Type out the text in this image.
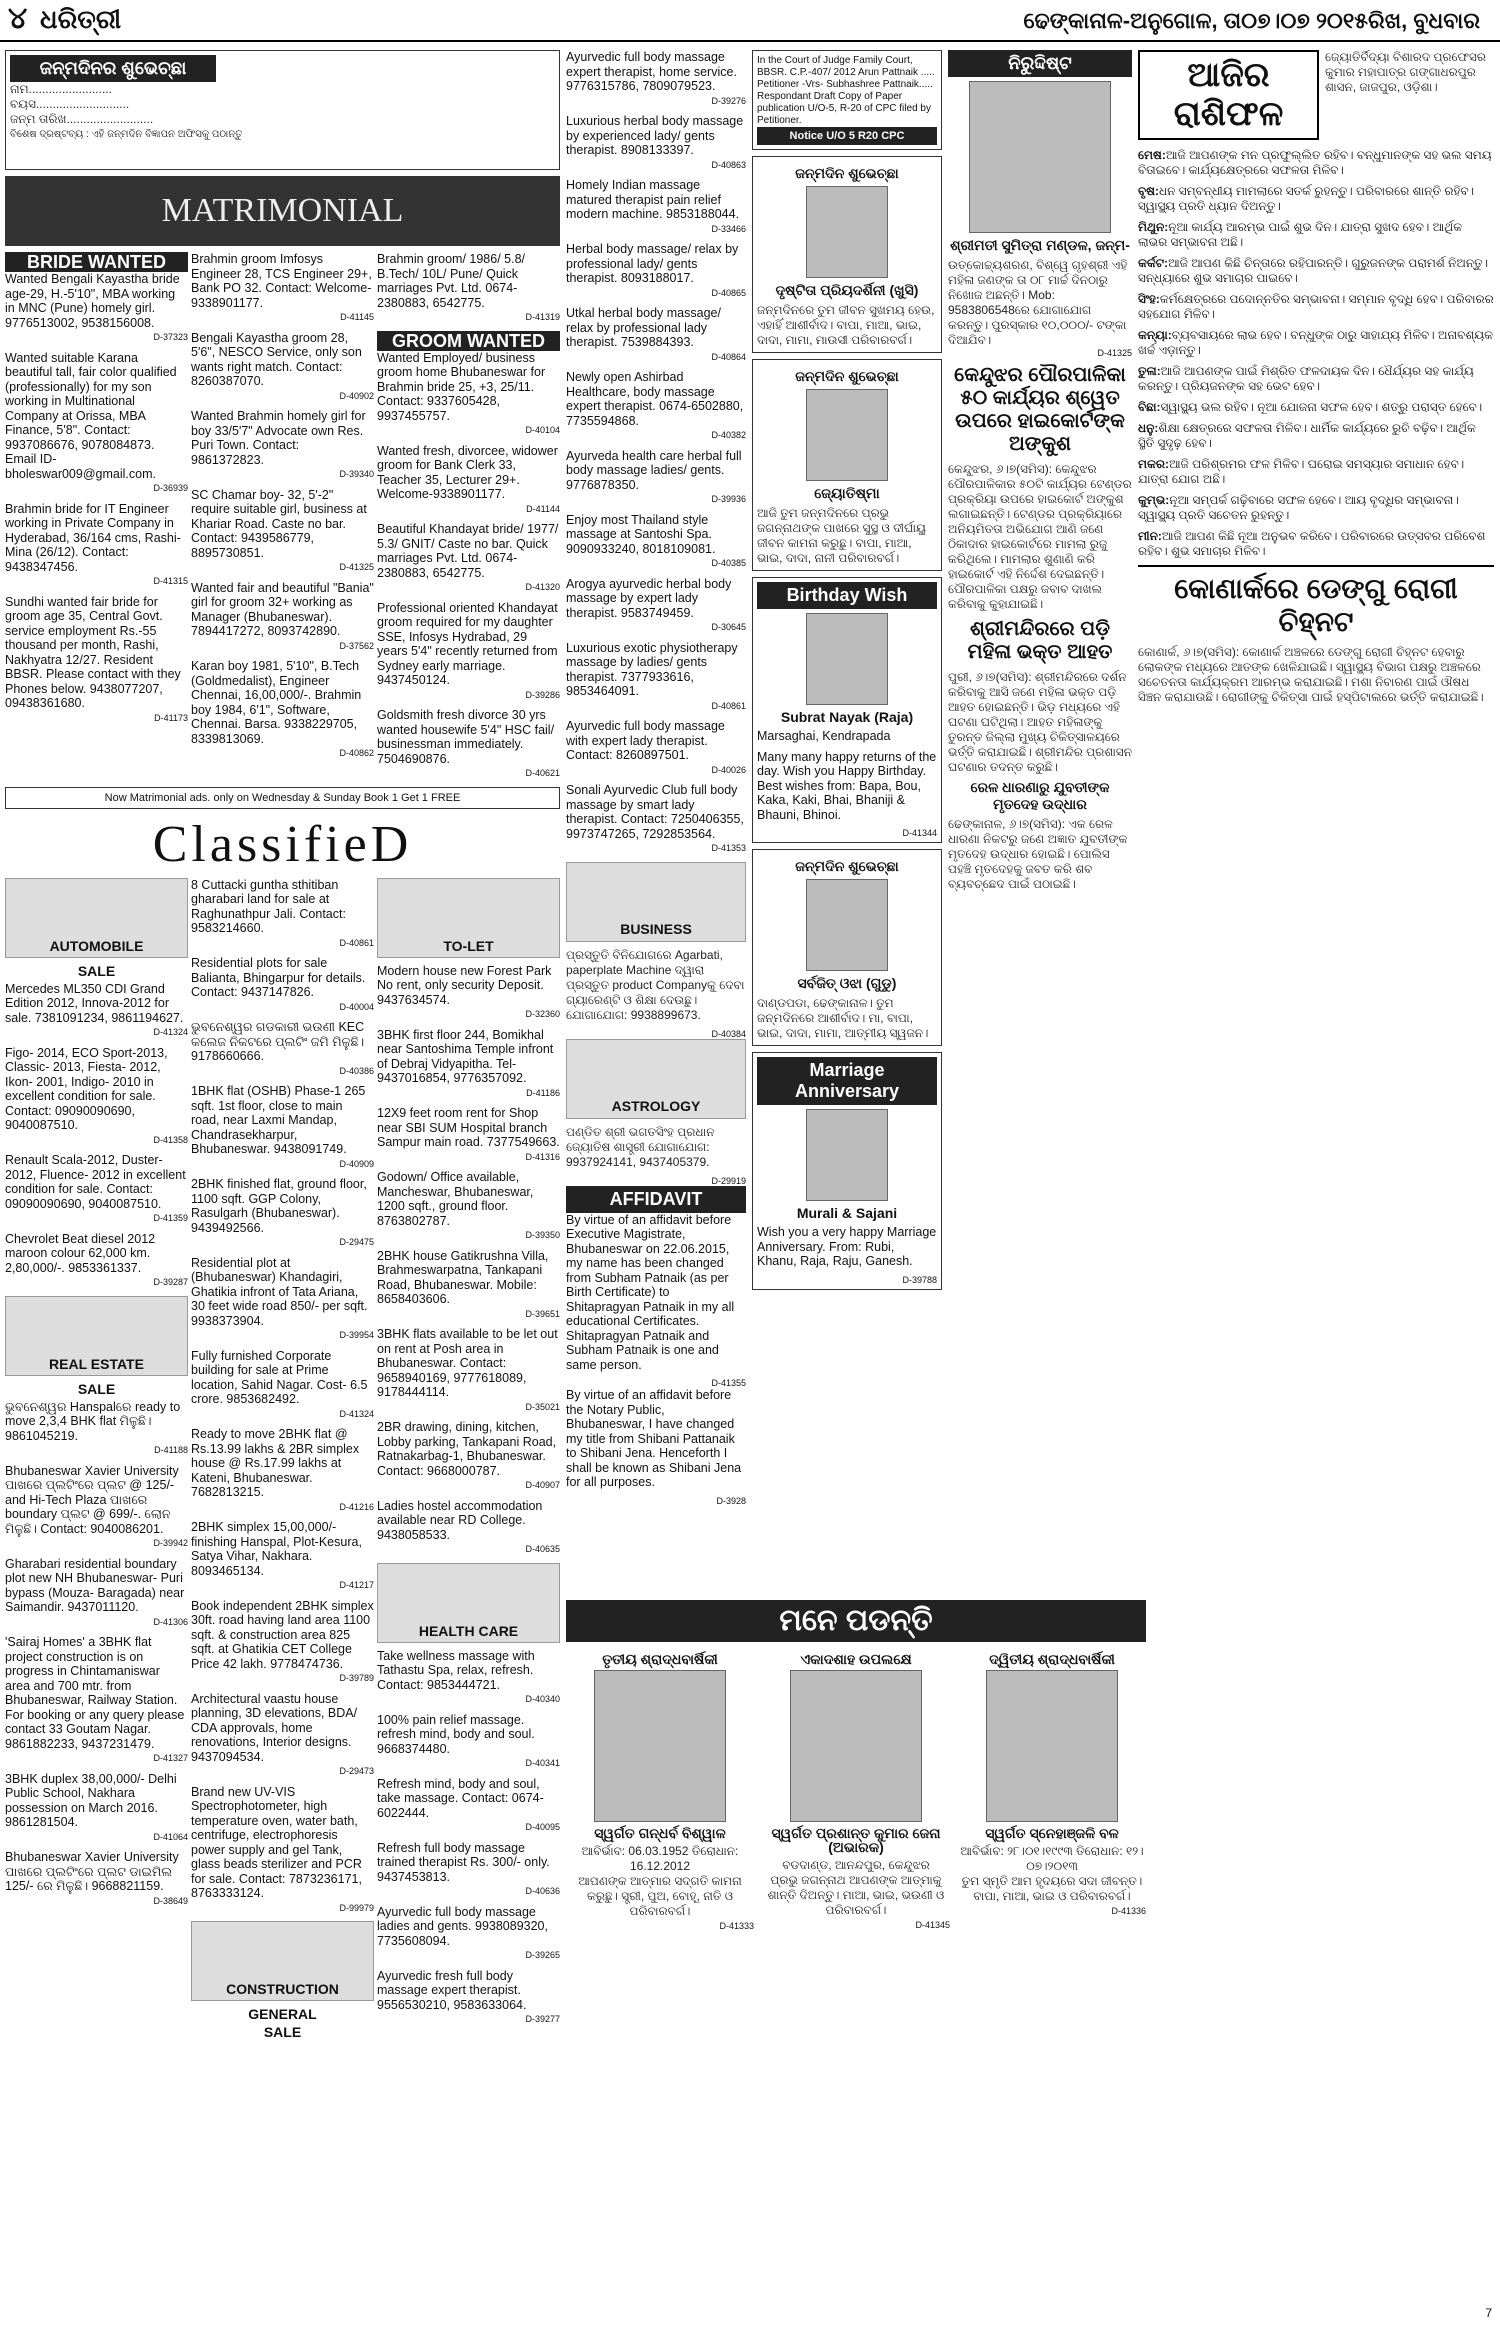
୪ ଧରିତ୍ରୀ	ଢେଙ୍କାନାଳ-ଅନୁଗୋଳ, ତା୦୭।୦୭ ୨୦୧୫ରିଖ, ବୁଧବାର
ଜନ୍ମଦିନର ଶୁଭେଚ୍ଛା
ନାମ.........................
ବୟସ............................
ଜନ୍ମ ତାରିଖ..........................
ବିଶେଷ ଦ୍ରଷ୍ଟବ୍ୟ : ଏହି ଜନ୍ମଦିନ ବିଜ୍ଞାପନ ଅଫିସକୁ ପଠାନ୍ତୁ
MATRIMONIAL
BRIDE WANTED
Wanted Bengali Kayastha bride age-29, H.-5'10", MBA working in MNC (Pune) homely girl. 9776513002, 9538156008.
D-37323
Wanted suitable Karana beautiful tall, fair color qualified (professionally) for my son working in Multinational Company at Orissa, MBA Finance, 5'8". Contact: 9937086676, 9078084873. Email ID- bholeswar009@gmail.com.
D-36939
Brahmin bride for IT Engineer working in Private Company in Hyderabad, 36/164 cms, Rashi-Mina (26/12). Contact: 9438347456.
D-41315
Sundhi wanted fair bride for groom age 35, Central Govt. service employment Rs.-55 thousand per month, Rashi, Nakhyatra 12/27. Resident BBSR. Please contact with they Phones below. 9438077207, 09438361680.
D-41173
Brahmin groom Imfosys Engineer 28, TCS Engineer 29+, Bank PO 32. Contact: Welcome-9338901177.
D-41145
Bengali Kayastha groom 28, 5'6", NESCO Service, only son wants right match. Contact: 8260387070.
D-40902
Wanted Brahmin homely girl for boy 33/5'7" Advocate own Res. Puri Town. Contact: 9861372823.
D-39340
SC Chamar boy- 32, 5'-2" require suitable girl, business at Khariar Road. Caste no bar. Contact: 9439586779, 8895730851.
D-41325
Wanted fair and beautiful "Bania" girl for groom 32+ working as Manager (Bhubaneswar). 7894417272, 8093742890.
D-37562
Karan boy 1981, 5'10", B.Tech (Goldmedalist), Engineer Chennai, 16,00,000/-. Brahmin boy 1984, 6'1", Software, Chennai. Barsa. 9338229705, 8339813069.
D-40862
Brahmin groom/ 1986/ 5.8/ B.Tech/ 10L/ Pune/ Quick marriages Pvt. Ltd. 0674-2380883, 6542775.
D-41319
GROOM WANTED
Wanted Employed/ business groom home Bhubaneswar for Brahmin bride 25, +3, 25/11. Contact: 9337605428, 9937455757.
D-40104
Wanted fresh, divorcee, widower groom for Bank Clerk 33, Teacher 35, Lecturer 29+. Welcome-9338901177.
D-41144
Beautiful Khandayat bride/ 1977/ 5.3/ GNIT/ Caste no bar. Quick marriages Pvt. Ltd. 0674-2380883, 6542775.
D-41320
Professional oriented Khandayat groom required for my daughter SSE, Infosys Hydrabad, 29 years 5'4" recently returned from Sydney early marriage. 9437450124.
D-39286
Goldsmith fresh divorce 30 yrs wanted housewife 5'4" HSC fail/ businessman immediately. 7504690876.
D-40621
Now Matrimonial ads. only on Wednesday & Sunday Book 1 Get 1 FREE
ClassifieD
AUTOMOBILE
SALE
Mercedes ML350 CDI Grand Edition 2012, Innova-2012 for sale. 7381091234, 9861194627.
D-41324
Figo- 2014, ECO Sport-2013, Classic- 2013, Fiesta- 2012, Ikon- 2001, Indigo- 2010 in excellent condition for sale. Contact: 09090090690, 9040087510.
D-41358
Renault Scala-2012, Duster-2012, Fluence- 2012 in excellent condition for sale. Contact: 09090090690, 9040087510.
D-41359
Chevrolet Beat diesel 2012 maroon colour 62,000 km. 2,80,000/-. 9853361337.
D-39287
REAL ESTATE
SALE
ଭୁବନେଶ୍ୱର Hanspalରେ ready to move 2,3,4 BHK flat ମିଳୁଛି। 9861045219.
D-41188
Bhubaneswar Xavier University ପାଖରେ ପ୍ଲଟିଂରେ ପ୍ଲଟ @ 125/- and Hi-Tech Plaza ପାଖରେ boundary ପ୍ଲଟ @ 699/-. ଲୋନ ମିଳୁଛି। Contact: 9040086201.
D-39942
Gharabari residential boundary plot new NH Bhubaneswar- Puri bypass (Mouza- Baragada) near Saimandir. 9437011120.
D-41306
'Sairaj Homes' a 3BHK flat project construction is on progress in Chintamaniswar area and 700 mtr. from Bhubaneswar, Railway Station. For booking or any query please contact 33 Goutam Nagar. 9861882233, 9437231479.
D-41327
3BHK duplex 38,00,000/- Delhi Public School, Nakhara possession on March 2016. 9861281504.
D-41064
Bhubaneswar Xavier University ପାଖରେ ପ୍ଲଟିଂରେ ପ୍ଲଟ ଡାଇମିଲ 125/- ରେ ମିଳୁଛି। 9668821159.
D-38649
8 Cuttacki guntha sthitiban gharabari land for sale at Raghunathpur Jali. Contact: 9583214660.
D-40861
Residential plots for sale Balianta, Bhingarpur for details. Contact: 9437147826.
D-40004
ଭୁବନେଶ୍ୱର ଗଡକାରୀ ଭଉଣୀ KEC କଲେଜ ନିକଟରେ ପ୍ଲଟିଂ ଜମି ମିଳୁଛି। 9178660666.
D-40386
1BHK flat (OSHB) Phase-1 265 sqft. 1st floor, close to main road, near Laxmi Mandap, Chandrasekharpur, Bhubaneswar. 9438091749.
D-40909
2BHK finished flat, ground floor, 1100 sqft. GGP Colony, Rasulgarh (Bhubaneswar). 9439492566.
D-29475
Residential plot at (Bhubaneswar) Khandagiri, Ghatikia infront of Tata Ariana, 30 feet wide road 850/- per sqft. 9938373904.
D-39954
Fully furnished Corporate building for sale at Prime location, Sahid Nagar. Cost- 6.5 crore. 9853682492.
D-41324
Ready to move 2BHK flat @ Rs.13.99 lakhs & 2BR simplex house @ Rs.17.99 lakhs at Kateni, Bhubaneswar. 7682813215.
D-41216
2BHK simplex 15,00,000/- finishing Hanspal, Plot-Kesura, Satya Vihar, Nakhara. 8093465134.
D-41217
Book independent 2BHK simplex 30ft. road having land area 1100 sqft. & construction area 825 sqft. at Ghatikia CET College Price 42 lakh. 9778474736.
D-39789
Architectural vaastu house planning, 3D elevations, BDA/ CDA approvals, home renovations, Interior designs. 9437094534.
D-29473
Brand new UV-VIS Spectrophotometer, high temperature oven, water bath, centrifuge, electrophoresis power supply and gel Tank, glass beads sterilizer and PCR for sale. Contact: 7873236171, 8763333124.
D-99979
CONSTRUCTION
GENERAL
SALE
TO-LET
Modern house new Forest Park No rent, only security Deposit. 9437634574.
D-32360
3BHK first floor 244, Bomikhal near Santoshima Temple infront of Debraj Vidyapitha. Tel- 9437016854, 9776357092.
D-41186
12X9 feet room rent for Shop near SBI SUM Hospital branch Sampur main road. 7377549663.
D-41316
Godown/ Office available, Mancheswar, Bhubaneswar, 1200 sqft., ground floor. 8763802787.
D-39350
2BHK house Gatikrushna Villa, Brahmeswarpatna, Tankapani Road, Bhubaneswar. Mobile: 8658403606.
D-39651
3BHK flats available to be let out on rent at Posh area in Bhubaneswar. Contact: 9658940169, 9777618089, 9178444114.
D-35021
2BR drawing, dining, kitchen, Lobby parking, Tankapani Road, Ratnakarbag-1, Bhubaneswar. Contact: 9668000787.
D-40907
Ladies hostel accommodation available near RD College. 9438058533.
D-40635
HEALTH CARE
Take wellness massage with Tathastu Spa, relax, refresh. Contact: 9853444721.
D-40340
100% pain relief massage. refresh mind, body and soul. 9668374480.
D-40341
Refresh mind, body and soul, take massage. Contact: 0674-6022444.
D-40095
Refresh full body massage trained therapist Rs. 300/- only. 9437453813.
D-40636
Ayurvedic full body massage ladies and gents. 9938089320, 7735608094.
D-39265
Ayurvedic fresh full body massage expert therapist. 9556530210, 9583633064.
D-39277
Ayurvedic full body massage expert therapist, home service. 9776315786, 7809079523.
D-39276
Luxurious herbal body massage by experienced lady/ gents therapist. 8908133397.
D-40863
Homely Indian massage matured therapist pain relief modern machine. 9853188044.
D-33466
Herbal body massage/ relax by professional lady/ gents therapist. 8093188017.
D-40865
Utkal herbal body massage/ relax by professional lady therapist. 7539884393.
D-40864
Newly open Ashirbad Healthcare, body massage expert therapist. 0674-6502880, 7735594868.
D-40382
Ayurveda health care herbal full body massage ladies/ gents. 9776878350.
D-39936
Enjoy most Thailand style massage at Santoshi Spa. 9090933240, 8018109081.
D-40385
Arogya ayurvedic herbal body massage by expert lady therapist. 9583749459.
D-30645
Luxurious exotic physiotherapy massage by ladies/ gents therapist. 7377933616, 9853464091.
D-40861
Ayurvedic full body massage with expert lady therapist. Contact: 8260897501.
D-40026
Sonali Ayurvedic Club full body massage by smart lady therapist. Contact: 7250406355, 9973747265, 7292853564.
D-41353
BUSINESS
ପ୍ରସ୍ତୁତି ବିନିଯୋଗରେ Agarbati, paperplate Machine ଦ୍ୱାରା ପ୍ରସ୍ତୁତ product Companyକୁ ଦେବା ଗ୍ୟାରେଣ୍ଟି ଓ ଶିକ୍ଷା ଦେଉଛୁ। ଯୋଗାଯୋଗ: 9938899673.
D-40384
ASTROLOGY
ପଣ୍ଡିତ ଶ୍ରୀ ଭଗତସିଂହ ପ୍ରଧାନ ଜ୍ୟୋତିଷ ଶାସ୍ତ୍ରୀ ଯୋଗାଯୋଗ: 9937924141, 9437405379.
D-29919
AFFIDAVIT
By virtue of an affidavit before Executive Magistrate, Bhubaneswar on 22.06.2015, my name has been changed from Subham Patnaik (as per Birth Certificate) to Shitapragyan Patnaik in my all educational Certificates. Shitapragyan Patnaik and Subham Patnaik is one and same person.
D-41355
By virtue of an affidavit before the Notary Public, Bhubaneswar, I have changed my title from Shibani Pattanaik to Shibani Jena. Henceforth I shall be known as Shibani Jena for all purposes.
D-3928
In the Court of Judge Family Court, BBSR. C.P.-407/ 2012 Arun Pattnaik ..... Petitioner -Vrs- Subhashree Pattnaik..... Respondant Draft Copy of Paper publication U/O-5, R-20 of CPC filed by Petitioner.
Notice U/O 5 R20 CPC
ଜନ୍ମଦିନ ଶୁଭେଚ୍ଛା
ଦୃଷ୍ଟିତା ପ୍ରିୟଦର୍ଶିନୀ (ଖୁସି)
ଜନ୍ମଦିନରେ ତୁମ ଜୀବନ ସୁଖମୟ ହେଉ, ଏହାହିଁ ଆଶୀର୍ବାଦ। ବାପା, ମାଆ, ଭାଇ, ଦାଦା, ମାମା, ମାଉସୀ ପରିବାରବର୍ଗ।
ଜନ୍ମଦିନ ଶୁଭେଚ୍ଛା
ଜ୍ୟୋତିଷ୍ମା
ଆଜି ତୁମ ଜନ୍ମଦିନରେ ପ୍ରଭୁ ଜଗନ୍ନାଥଙ୍କ ପାଖରେ ସୁସ୍ଥ ଓ ଦୀର୍ଘାୟୁ ଜୀବନ କାମନା କରୁଛୁ। ବାପା, ମାଆ, ଭାଇ, ଦାଦା, ନାନୀ ପରିବାରବର୍ଗ।
Birthday Wish
Subrat Nayak (Raja)
Marsaghai, Kendrapada
Many many happy returns of the day. Wish you Happy Birthday. Best wishes from: Bapa, Bou, Kaka, Kaki, Bhai, Bhaniji & Bhauni, Bhinoi.
D-41344
ଜନ୍ମଦିନ ଶୁଭେଚ୍ଛା
ସର୍ବଜିତ୍ ଓଝା (ଗୁଡୁ)
ଦାଣ୍ଡପଡା, ଢେଙ୍କାନାଳ। ତୁମ ଜନ୍ମଦିନରେ ଆଶୀର୍ବାଦ। ମା, ବାପା, ଭାଇ, ଦାଦା, ମାମା, ଆତ୍ମୀୟ ସ୍ୱଜନ।
Marriage Anniversary
Murali & Sajani
Wish you a very happy Marriage Anniversary. From: Rubi, Khanu, Raja, Raju, Ganesh.
D-39788
ନିରୁଦ୍ଦିଷ୍ଟ
ଶ୍ରୀମତୀ ସୁମିତ୍ରା ମଣ୍ଡଳ, ଜନ୍ମ-
ଉତ୍କୋଚ୍ଚ୍ୟଶରଣ, ବିଶ୍ୱେ ଗୃହଶ୍ରୀ ଏହି ମହିଳା ଜଣଙ୍କ ତା ୦୮ ମାର୍ଚ୍ଚ ଦିନଠାରୁ ନିଖୋଜ ଅଛନ୍ତି। Mob: 9583806548ରେ ଯୋଗାଯୋଗ କରନ୍ତୁ। ପୁରସ୍କାର ୧୦,୦୦୦/- ଟଙ୍କା ଦିଆଯିବ।
D-41325
କେନ୍ଦୁଝର ପୌରପାଳିକା ୫୦ କାର୍ଯ୍ୟର ଶ୍ୱେତ ଉପରେ ହାଇକୋର୍ଟଙ୍କ ଅଙ୍କୁଶ
କେନ୍ଦୁଝର, ୬।୭(ସମିସ): କେନ୍ଦୁଝର ପୌରପାଳିକାର ୫୦ଟି କାର୍ଯ୍ୟର ଟେଣ୍ଡର ପ୍ରକ୍ରିୟା ଉପରେ ହାଇକୋର୍ଟ ଅଙ୍କୁଶ ଲଗାଇଛନ୍ତି। ଟେଣ୍ଡର ପ୍ରକ୍ରିୟାରେ ଅନିୟମିତତା ଅଭିଯୋଗ ଆଣି ଜଣେ ଠିକାଦାର ହାଇକୋର୍ଟରେ ମାମଲା ରୁଜୁ କରିଥିଲେ। ମାମଲାର ଶୁଣାଣି କରି ହାଇକୋର୍ଟ ଏହି ନିର୍ଦ୍ଦେଶ ଦେଇଛନ୍ତି। ପୌରପାଳିକା ପକ୍ଷରୁ ଜବାବ ଦାଖଲ କରିବାକୁ କୁହାଯାଇଛି।
ଶ୍ରୀମନ୍ଦିରରେ ପଡ଼ି ମହିଳା ଭକ୍ତ ଆହତ
ପୁରୀ, ୬।୭(ସମିସ): ଶ୍ରୀମନ୍ଦିରରେ ଦର୍ଶନ କରିବାକୁ ଆସି ଜଣେ ମହିଳା ଭକ୍ତ ପଡ଼ି ଆହତ ହୋଇଛନ୍ତି। ଭିଡ଼ ମଧ୍ୟରେ ଏହି ଘଟଣା ଘଟିଥିଲା। ଆହତ ମହିଳାଙ୍କୁ ତୁରନ୍ତ ଜିଲ୍ଲା ମୁଖ୍ୟ ଚିକିତ୍ସାଳୟରେ ଭର୍ତ୍ତି କରାଯାଇଛି। ଶ୍ରୀମନ୍ଦିର ପ୍ରଶାସନ ଘଟଣାର ତଦନ୍ତ କରୁଛି।
ରେଳ ଧାରଣାରୁ ଯୁବତୀଙ୍କ ମୃତଦେହ ଉଦ୍ଧାର
ଢେଙ୍କାନାଳ, ୬।୭(ସମିସ): ଏକ ରେଳ ଧାରଣା ନିକଟରୁ ଜଣେ ଅଜ୍ଞାତ ଯୁବତୀଙ୍କ ମୃତଦେହ ଉଦ୍ଧାର ହୋଇଛି। ପୋଲିସ ପହଞ୍ଚି ମୃତଦେହକୁ ଜବତ କରି ଶବ ବ୍ୟବଚ୍ଛେଦ ପାଇଁ ପଠାଇଛି।
ଆଜିର ରାଶିଫଳ
ଜ୍ୟୋତିର୍ବିଦ୍ୟା ବିଶାରଦ ପ୍ରଫେସର କୁମାର ମହାପାତ୍ର ଗଙ୍ଗାଧରପୁର ଶାସନ, ଜାଜପୁର, ଓଡ଼ିଶା।
ମେଷ:ଆଜି ଆପଣଙ୍କ ମନ ପ୍ରଫୁଲ୍ଲିତ ରହିବ। ବନ୍ଧୁମାନଙ୍କ ସହ ଭଲ ସମୟ ବିତାଇବେ। କାର୍ଯ୍ୟକ୍ଷେତ୍ରରେ ସଫଳତା ମିଳିବ।
ବୃଷ:ଧନ ସମ୍ବନ୍ଧୀୟ ମାମଲାରେ ସତର୍କ ରୁହନ୍ତୁ। ପରିବାରରେ ଶାନ୍ତି ରହିବ। ସ୍ୱାସ୍ଥ୍ୟ ପ୍ରତି ଧ୍ୟାନ ଦିଅନ୍ତୁ।
ମିଥୁନ:ନୂଆ କାର୍ଯ୍ୟ ଆରମ୍ଭ ପାଇଁ ଶୁଭ ଦିନ। ଯାତ୍ରା ସୁଖଦ ହେବ। ଆର୍ଥିକ ଲାଭର ସମ୍ଭାବନା ଅଛି।
କର୍କଟ:ଆଜି ଆପଣ କିଛି ଚିନ୍ତାରେ ରହିପାରନ୍ତି। ଗୁରୁଜନଙ୍କ ପରାମର୍ଶ ନିଅନ୍ତୁ। ସନ୍ଧ୍ୟାରେ ଶୁଭ ସମାଚାର ପାଇବେ।
ସିଂହ:କର୍ମକ୍ଷେତ୍ରରେ ପଦୋନ୍ନତିର ସମ୍ଭାବନା। ସମ୍ମାନ ବୃଦ୍ଧି ହେବ। ପରିବାରର ସହଯୋଗ ମିଳିବ।
କନ୍ୟା:ବ୍ୟବସାୟରେ ଲାଭ ହେବ। ବନ୍ଧୁଙ୍କ ଠାରୁ ସାହାଯ୍ୟ ମିଳିବ। ଅନାବଶ୍ୟକ ଖର୍ଚ୍ଚ ଏଡ଼ାନ୍ତୁ।
ତୁଳା:ଆଜି ଆପଣଙ୍କ ପାଇଁ ମିଶ୍ରିତ ଫଳଦାୟକ ଦିନ। ଧୈର୍ଯ୍ୟର ସହ କାର୍ଯ୍ୟ କରନ୍ତୁ। ପ୍ରିୟଜନଙ୍କ ସହ ଭେଟ ହେବ।
ବିଛା:ସ୍ୱାସ୍ଥ୍ୟ ଭଲ ରହିବ। ନୂଆ ଯୋଜନା ସଫଳ ହେବ। ଶତ୍ରୁ ପରାସ୍ତ ହେବେ।
ଧନୁ:ଶିକ୍ଷା କ୍ଷେତ୍ରରେ ସଫଳତା ମିଳିବ। ଧାର୍ମିକ କାର୍ଯ୍ୟରେ ରୁଚି ବଢ଼ିବ। ଆର୍ଥିକ ସ୍ଥିତି ସୁଦୃଢ଼ ହେବ।
ମକର:ଆଜି ପରିଶ୍ରମର ଫଳ ମିଳିବ। ଘରୋଇ ସମସ୍ୟାର ସମାଧାନ ହେବ। ଯାତ୍ରା ଯୋଗ ଅଛି।
କୁମ୍ଭ:ନୂଆ ସମ୍ପର୍କ ଗଢ଼ିବାରେ ସଫଳ ହେବେ। ଆୟ ବୃଦ୍ଧିର ସମ୍ଭାବନା। ସ୍ୱାସ୍ଥ୍ୟ ପ୍ରତି ସଚେତନ ରୁହନ୍ତୁ।
ମୀନ:ଆଜି ଆପଣ କିଛି ନୂଆ ଅନୁଭବ କରିବେ। ପରିବାରରେ ଉତ୍ସବର ପରିବେଶ ରହିବ। ଶୁଭ ସମାଚାର ମିଳିବ।
କୋଣାର୍କରେ ଡେଙ୍ଗୁ ରୋଗୀ ଚିହ୍ନଟ
କୋଣାର୍କ, ୬।୭(ସମିସ): କୋଣାର୍କ ଅଞ୍ଚଳରେ ଡେଙ୍ଗୁ ରୋଗୀ ଚିହ୍ନଟ ହେବାରୁ ଲୋକଙ୍କ ମଧ୍ୟରେ ଆତଙ୍କ ଖେଳିଯାଇଛି। ସ୍ୱାସ୍ଥ୍ୟ ବିଭାଗ ପକ୍ଷରୁ ଅଞ୍ଚଳରେ ସଚେତନତା କାର୍ଯ୍ୟକ୍ରମ ଆରମ୍ଭ କରାଯାଇଛି। ମଶା ନିବାରଣ ପାଇଁ ଔଷଧ ସିଞ୍ଚନ କରାଯାଉଛି। ରୋଗୀଙ୍କୁ ଚିକିତ୍ସା ପାଇଁ ହସ୍ପିଟାଲରେ ଭର୍ତ୍ତି କରାଯାଇଛି।
ମନେ ପଡନ୍ତି
ତୃତୀୟ ଶ୍ରାଦ୍ଧବାର୍ଷିକୀ
ସ୍ୱର୍ଗତ ଗନ୍ଧର୍ବ ବିଶ୍ୱାଳ
ଆବିର୍ଭାବ: 06.03.1952 ତିରୋଧାନ: 16.12.2012
ଆପଣଙ୍କ ଆତ୍ମାର ସଦ୍ଗତି କାମନା କରୁଛୁ। ସ୍ତ୍ରୀ, ପୁଅ, ବୋହୂ, ନାତି ଓ ପରିବାରବର୍ଗ।
D-41333
ଏକାଦଶାହ ଉପଲକ୍ଷେ
ସ୍ୱର୍ଗତ ପ୍ରଶାନ୍ତ କୁମାର ଜେନା (ଅଭାରକ)
ବଡଦାଣ୍ଡ, ଆନନ୍ଦପୁର, କେନ୍ଦୁଝର
ପ୍ରଭୁ ଜଗନ୍ନାଥ ଆପଣଙ୍କ ଆତ୍ମାକୁ ଶାନ୍ତି ଦିଅନ୍ତୁ। ମାଆ, ଭାଇ, ଭଉଣୀ ଓ ପରିବାରବର୍ଗ।
D-41345
ଦ୍ୱିତୀୟ ଶ୍ରାଦ୍ଧବାର୍ଷିକୀ
ସ୍ୱର୍ଗତ ସ୍ନେହାଞ୍ଜଳି ବଳ
ଆବିର୍ଭାବ: ୨୮।୦୧।୧୯୯୩ ତିରୋଧାନ: ୧୨।୦୭।୨୦୧୩
ତୁମ ସ୍ମୃତି ଆମ ହୃଦୟରେ ସଦା ଜୀବନ୍ତ। ବାପା, ମାଆ, ଭାଇ ଓ ପରିବାରବର୍ଗ।
D-41336
7
